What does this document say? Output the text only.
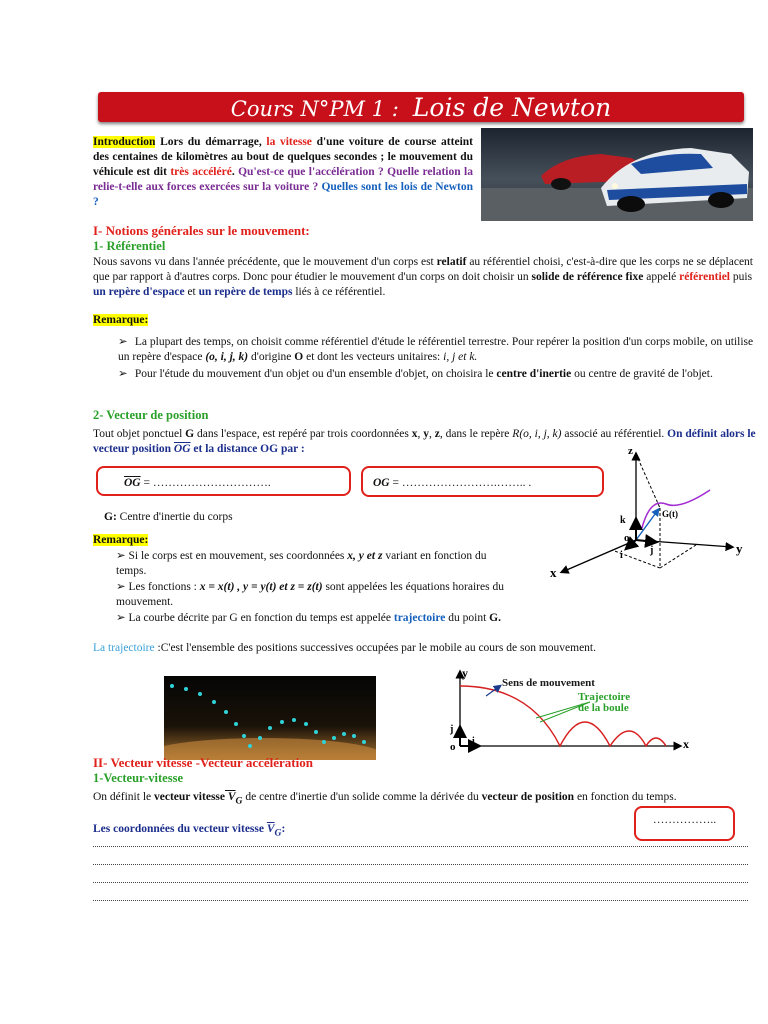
Cours N°PM 1 : Lois de Newton
Introduction Lors du démarrage, la vitesse d'une voiture de course atteint des centaines de kilomètres au bout de quelques secondes ; le mouvement du véhicule est dit très accéléré. Qu'est-ce que l'accélération ? Quelle relation la relie-t-elle aux forces exercées sur la voiture ? Quelles sont les lois de Newton ?
I- Notions générales sur le mouvement:
1- Référentiel
Nous savons vu dans l'année précédente, que le mouvement d'un corps est relatif au référentiel choisi, c'est-à-dire que les corps ne se déplacent que par rapport à d'autres corps. Donc pour étudier le mouvement d'un corps on doit choisir un solide de référence fixe appelé référentiel puis un repère d'espace et un repère de temps liés à ce référentiel.
Remarque:
➢ La plupart des temps, on choisit comme référentiel d'étude le référentiel terrestre. Pour repérer la position d'un corps mobile, on utilise un repère d'espace (o, i, j, k) d'origine O et dont les vecteurs unitaires: i, j et k.
➢ Pour l'étude du mouvement d'un objet ou d'un ensemble d'objet, on choisira le centre d'inertie ou centre de gravité de l'objet.
2- Vecteur de position
Tout objet ponctuel G dans l'espace, est repéré par trois coordonnées x, y, z, dans le repère R(o, i, j, k) associé au référentiel. On définit alors le vecteur position $\overline{OG}$ et la distance OG par :
$\overline{OG}$ = ………………………….	OG = …………………….…….. .
G: Centre d'inertie du corps
Remarque:
➢ Si le corps est en mouvement, ses coordonnées x, y et z variant en fonction du temps.
➢ Les fonctions : x = x(t) , y = y(t) et z = z(t) sont appelées les équations horaires du mouvement.
➢ La courbe décrite par G en fonction du temps est appelée trajectoire du point G.
z
y
x
o
k
i	j
G(t)
La trajectoire :C'est l'ensemble des positions successives occupées par le mobile au cours de son mouvement.
y
x
o
j
i
Sens de mouvement
Trajectoire
de la boule
II- Vecteur vitesse -Vecteur accélération
1-Vecteur-vitesse
On définit le vecteur vitesse $V_G$ de centre d'inertie d'un solide comme la dérivée du vecteur de position en fonction du temps.
……………..
Les coordonnées du vecteur vitesse $\overline{V}_G$:
